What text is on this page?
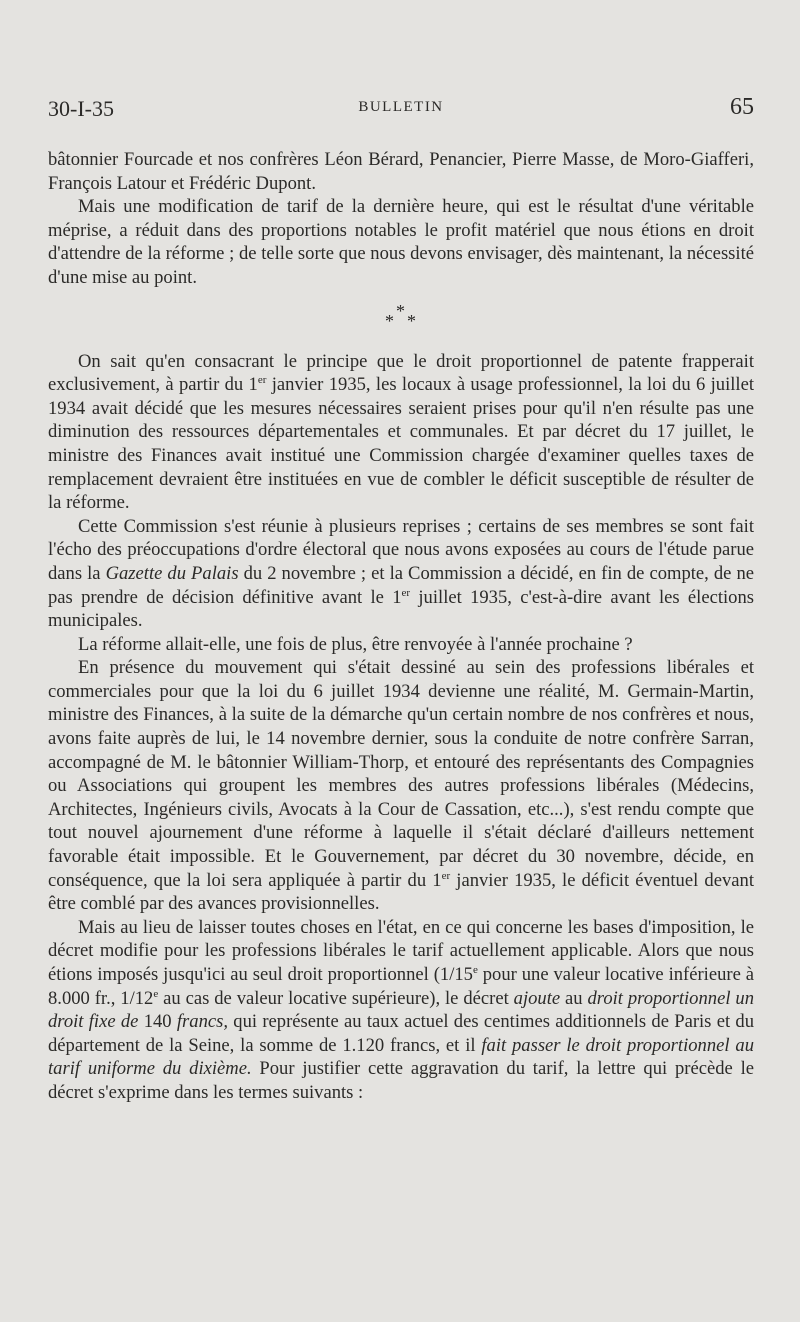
30-I-35	BULLETIN	65

bâtonnier Fourcade et nos confrères Léon Bérard, Penancier, Pierre Masse, de Moro-Giafferi, François Latour et Frédéric Dupont.

Mais une modification de tarif de la dernière heure, qui est le résultat d'une véritable méprise, a réduit dans des proportions notables le profit matériel que nous étions en droit d'attendre de la réforme ; de telle sorte que nous devons envisager, dès maintenant, la nécessité d'une mise au point.

*
* *

On sait qu'en consacrant le principe que le droit proportionnel de patente frapperait exclusivement, à partir du 1er janvier 1935, les locaux à usage professionnel, la loi du 6 juillet 1934 avait décidé que les mesures nécessaires seraient prises pour qu'il n'en résulte pas une diminution des ressources départementales et communales. Et par décret du 17 juillet, le ministre des Finances avait institué une Commission chargée d'examiner quelles taxes de remplacement devraient être instituées en vue de combler le déficit susceptible de résulter de la réforme.

Cette Commission s'est réunie à plusieurs reprises ; certains de ses membres se sont fait l'écho des préoccupations d'ordre électoral que nous avons exposées au cours de l'étude parue dans la Gazette du Palais du 2 novembre ; et la Commission a décidé, en fin de compte, de ne pas prendre de décision définitive avant le 1er juillet 1935, c'est-à-dire avant les élections municipales.

La réforme allait-elle, une fois de plus, être renvoyée à l'année prochaine ?

En présence du mouvement qui s'était dessiné au sein des professions libérales et commerciales pour que la loi du 6 juillet 1934 devienne une réalité, M. Germain-Martin, ministre des Finances, à la suite de la démarche qu'un certain nombre de nos confrères et nous, avons faite auprès de lui, le 14 novembre dernier, sous la conduite de notre confrère Sarran, accompagné de M. le bâtonnier William-Thorp, et entouré des représentants des Compagnies ou Associations qui groupent les membres des autres professions libérales (Médecins, Architectes, Ingénieurs civils, Avocats à la Cour de Cassation, etc...), s'est rendu compte que tout nouvel ajournement d'une réforme à laquelle il s'était déclaré d'ailleurs nettement favorable était impossible. Et le Gouvernement, par décret du 30 novembre, décide, en conséquence, que la loi sera appliquée à partir du 1er janvier 1935, le déficit éventuel devant être comblé par des avances provisionnelles.

Mais au lieu de laisser toutes choses en l'état, en ce qui concerne les bases d'imposition, le décret modifie pour les professions libérales le tarif actuellement applicable. Alors que nous étions imposés jusqu'ici au seul droit proportionnel (1/15e pour une valeur locative inférieure à 8.000 fr., 1/12e au cas de valeur locative supérieure), le décret ajoute au droit proportionnel un droit fixe de 140 francs, qui représente au taux actuel des centimes additionnels de Paris et du département de la Seine, la somme de 1.120 francs, et il fait passer le droit proportionnel au tarif uniforme du dixième. Pour justifier cette aggravation du tarif, la lettre qui précède le décret s'exprime dans les termes suivants :
